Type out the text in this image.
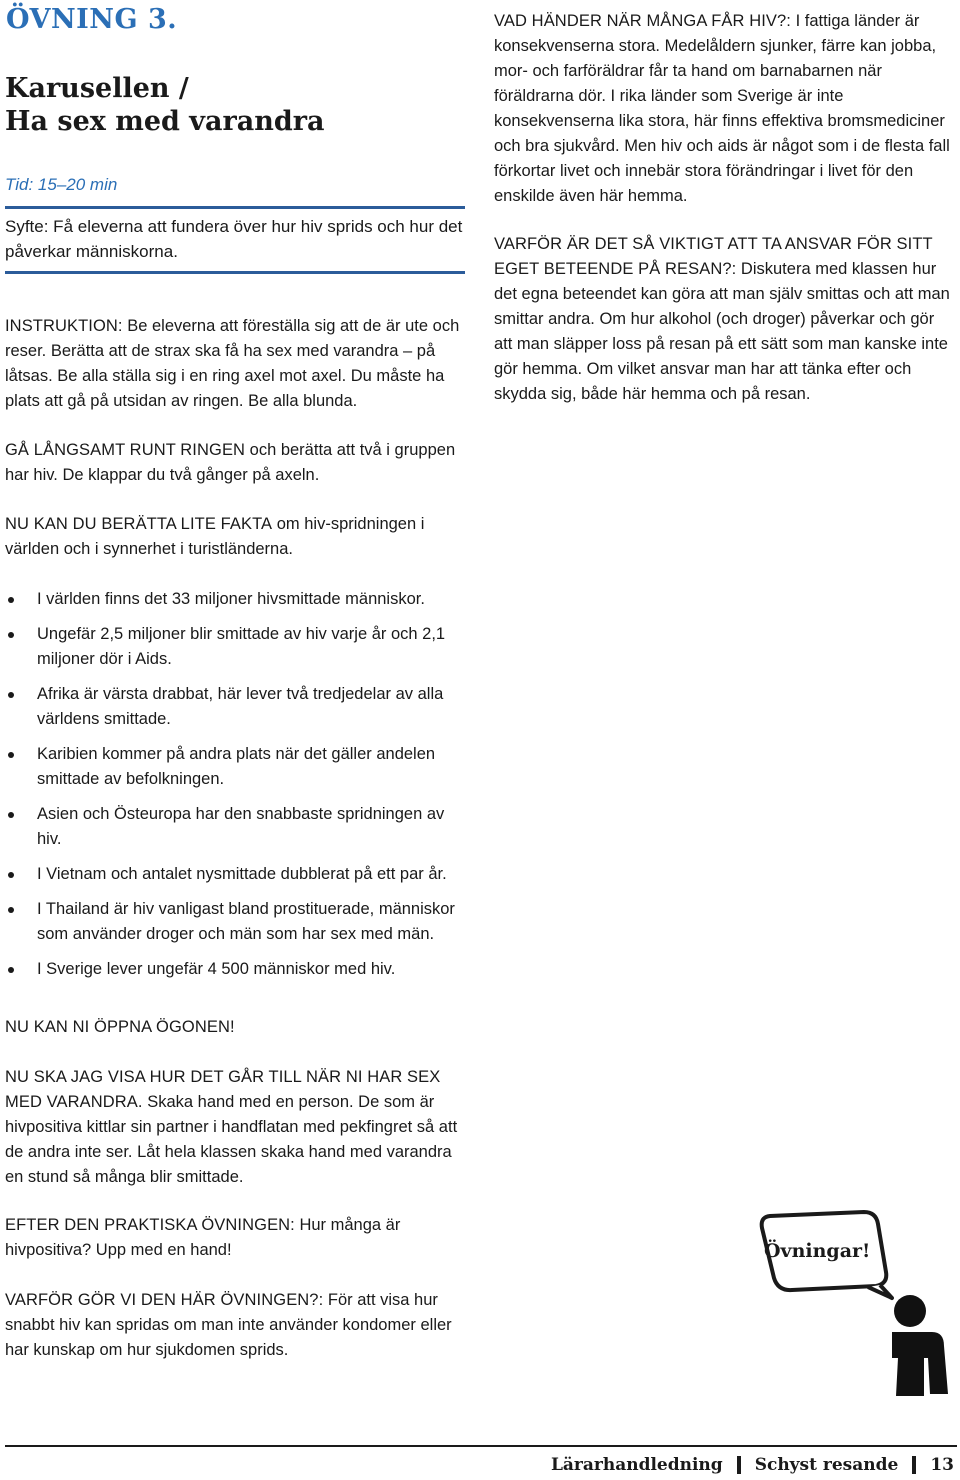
ÖVNING 3.
Karusellen /
Ha sex med varandra
Tid: 15–20 min
Syfte: Få eleverna att fundera över hur hiv sprids och hur det påverkar människorna.

INSTRUKTION: Be eleverna att föreställa sig att de är ute och reser. Berätta att de strax ska få ha sex med varandra – på låtsas. Be alla ställa sig i en ring axel mot axel. Du måste ha plats att gå på utsidan av ringen. Be alla blunda.

GÅ LÅNGSAMT RUNT RINGEN och berätta att två i gruppen har hiv. De klappar du två gånger på axeln.

NU KAN DU BERÄTTA LITE FAKTA om hiv-spridningen i världen och i synnerhet i turistländerna.

I världen finns det 33 miljoner hivsmittade människor.
Ungefär 2,5 miljoner blir smittade av hiv varje år och 2,1 miljoner dör i Aids.
Afrika är värsta drabbat, här lever två tredjedelar av alla världens smittade.
Karibien kommer på andra plats när det gäller andelen smittade av befolkningen.
Asien och Östeuropa har den snabbaste spridningen av hiv.
I Vietnam och antalet nysmittade dubblerat på ett par år.
I Thailand är hiv vanligast bland prostituerade, människor som använder droger och män som har sex med män.
I Sverige lever ungefär 4 500 människor med hiv.

NU KAN NI ÖPPNA ÖGONEN!

NU SKA JAG VISA HUR DET GÅR TILL NÄR NI HAR SEX MED VARANDRA. Skaka hand med en person. De som är hivpositiva kittlar sin partner i handflatan med pekfingret så att de andra inte ser. Låt hela klassen skaka hand med varandra en stund så många blir smittade.

EFTER DEN PRAKTISKA ÖVNINGEN: Hur många är hivpositiva? Upp med en hand!

VARFÖR GÖR VI DEN HÄR ÖVNINGEN?: För att visa hur snabbt hiv kan spridas om man inte använder kondomer eller har kunskap om hur sjukdomen sprids.

VAD HÄNDER NÄR MÅNGA FÅR HIV?: I fattiga länder är konsekvenserna stora. Medelåldern sjunker, färre kan jobba, mor- och farföräldrar får ta hand om barnabarnen när föräldrarna dör. I rika länder som Sverige är inte konsekvenserna lika stora, här finns effektiva bromsmediciner och bra sjukvård. Men hiv och aids är något som i de flesta fall förkortar livet och innebär stora förändringar i livet för den enskilde även här hemma.

VARFÖR ÄR DET SÅ VIKTIGT ATT TA ANSVAR FÖR SITT EGET BETEENDE PÅ RESAN?: Diskutera med klassen hur det egna beteendet kan göra att man själv smittas och att man smittar andra. Om hur alkohol (och droger) påverkar och gör att man släpper loss på resan på ett sätt som man kanske inte gör hemma. Om vilket ansvar man har att tänka efter och skydda sig, både här hemma och på resan.

Övningar!
Lärarhandledning Schyst resande 13
